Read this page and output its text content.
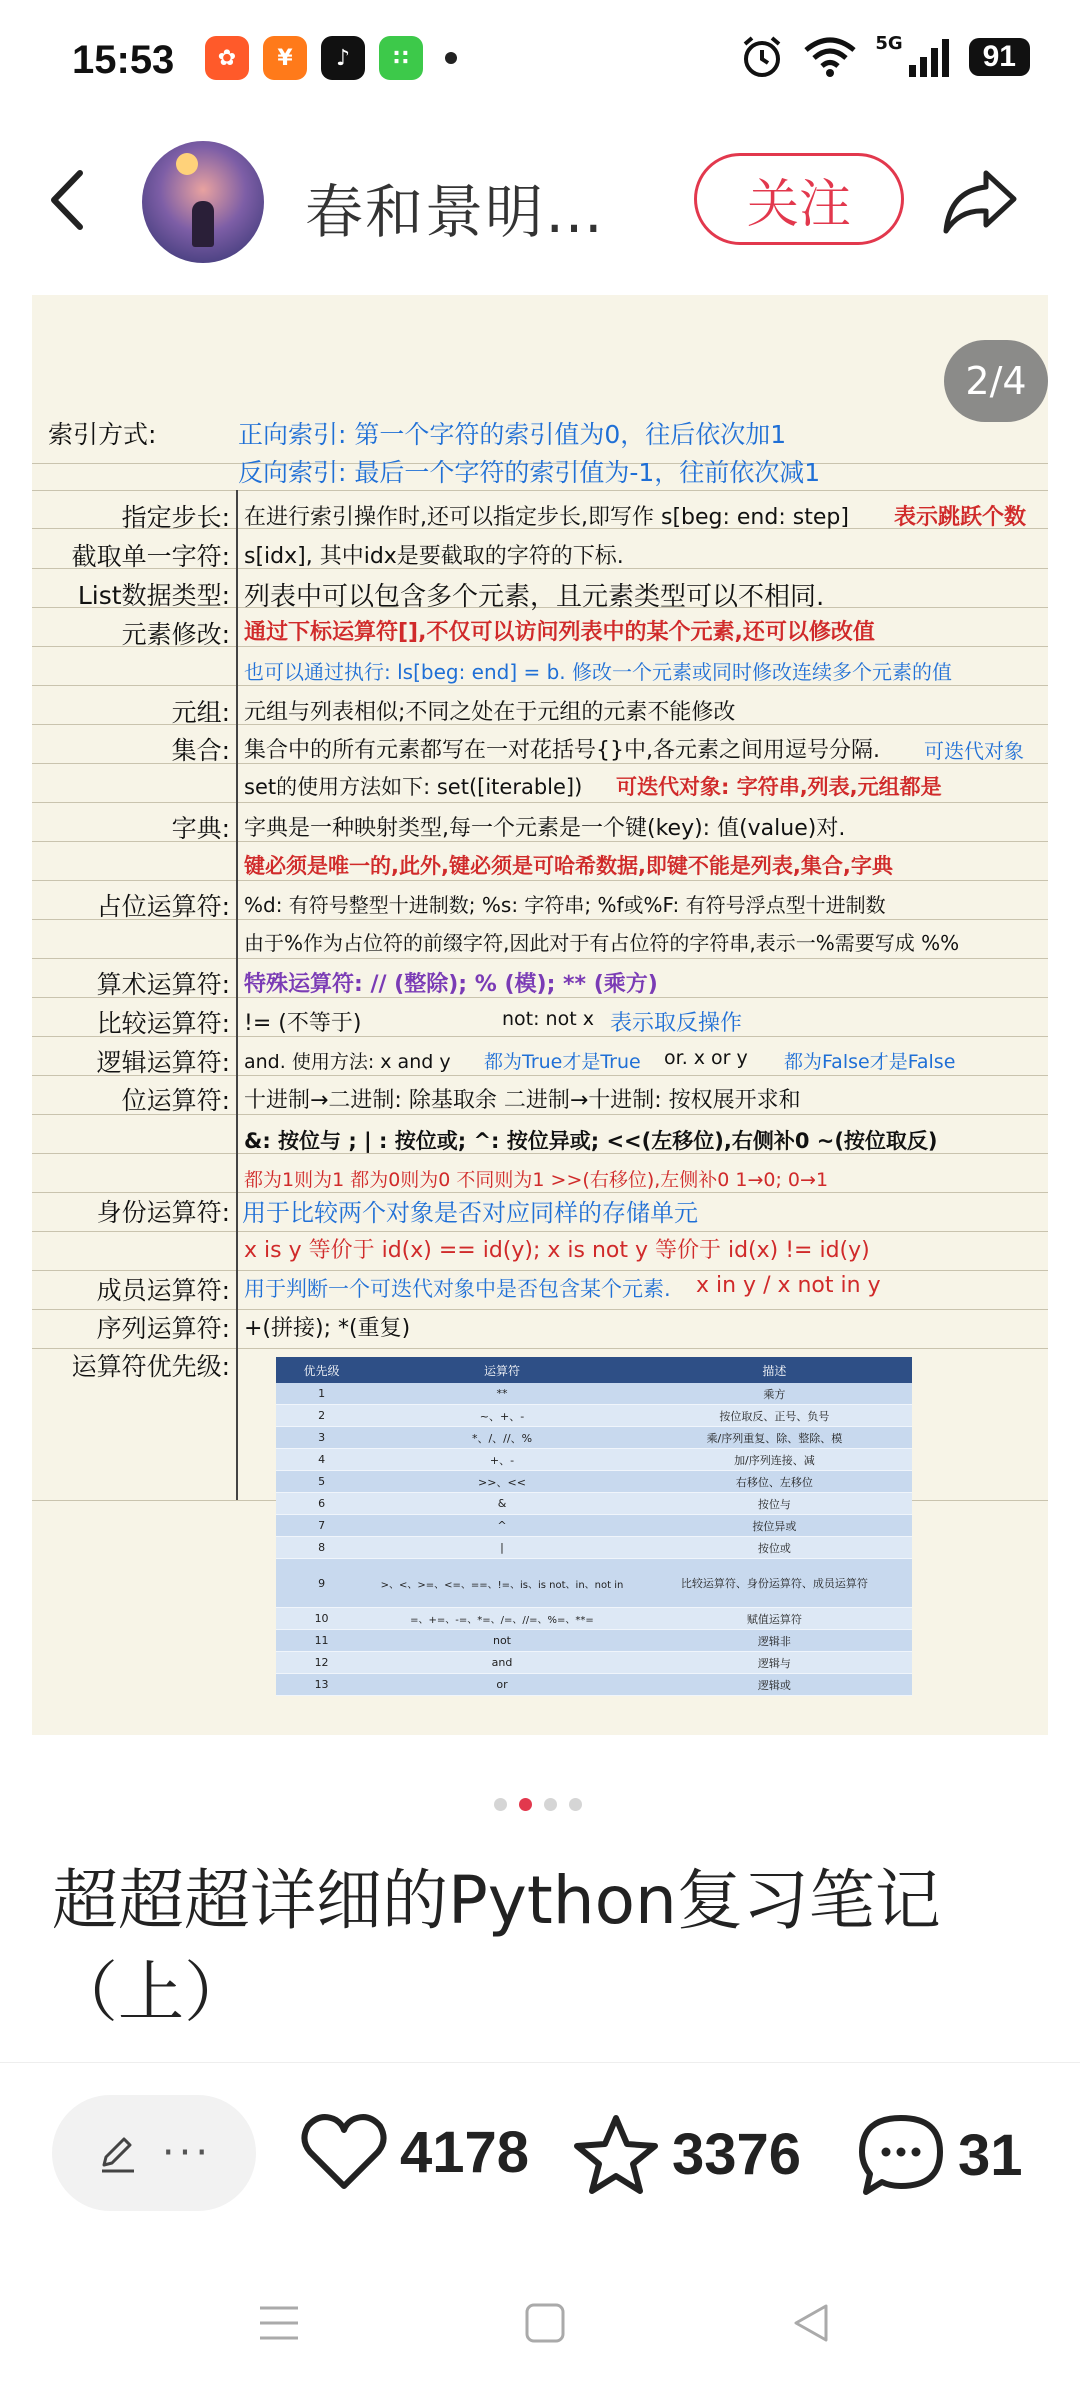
15:53	✿	¥	♪	∷
5G	91
春和景明…	关注
2/4
索引方式:	正向索引: 第一个字符的索引值为0，往后依次加1
反向索引: 最后一个字符的索引值为-1，往前依次减1
指定步长: 在进行索引操作时,还可以指定步长,即写作 s[beg: end: step] 表示跳跃个数
截取单一字符: s[idx], 其中idx是要截取的字符的下标.
List数据类型: 列表中可以包含多个元素，且元素类型可以不相同.
元素修改: 通过下标运算符[],不仅可以访问列表中的某个元素,还可以修改值
也可以通过执行: ls[beg: end] = b. 修改一个元素或同时修改连续多个元素的值
元组: 元组与列表相似;不同之处在于元组的元素不能修改
集合: 集合中的所有元素都写在一对花括号{}中,各元素之间用逗号分隔. 可迭代对象
set的使用方法如下: set([iterable]) 可迭代对象: 字符串,列表,元组都是
字典: 字典是一种映射类型,每一个元素是一个键(key): 值(value)对.
键必须是唯一的,此外,键必须是可哈希数据,即键不能是列表,集合,字典
占位运算符: %d: 有符号整型十进制数; %s: 字符串; %f或%F: 有符号浮点型十进制数
由于%作为占位符的前缀字符,因此对于有占位符的字符串,表示一%需要写成 %%
算术运算符: 特殊运算符: // (整除); % (模); ** (乘方)
比较运算符: != (不等于)	not: not x 表示取反操作
逻辑运算符: and. 使用方法: x and y 都为True才是True or. x or y 都为False才是False
位运算符: 十进制→二进制: 除基取余 二进制→十进制: 按权展开求和
&: 按位与 ; | : 按位或; ^: 按位异或; <<(左移位),右侧补0 ~(按位取反)
都为1则为1 都为0则为0 不同则为1 >>(右移位),左侧补0 1→0; 0→1
身份运算符: 用于比较两个对象是否对应同样的存储单元
x is y 等价于 id(x) == id(y); x is not y 等价于 id(x) != id(y)
成员运算符: 用于判断一个可迭代对象中是否包含某个元素. x in y / x not in y
序列运算符: +(拼接); *(重复)
运算符优先级:	优先级	运算符	描述
1	**	乘方
2	~、+、-	按位取反、正号、负号
3	*、/、//、%	乘/序列重复、除、整除、模
4	+、-	加/序列连接、减
5	>>、<<	右移位、左移位
6	&	按位与
7	^	按位异或
8	|	按位或
9	>、<、>=、<=、==、!=、is、is not、in、not in	比较运算符、身份运算符、成员运算符
10	=、+=、-=、*=、/=、//=、%=、**=	赋值运算符
11	not	逻辑非
12	and	逻辑与
13	or	逻辑或
超超超详细的Python复习笔记（上）
···	4178 3376	31
